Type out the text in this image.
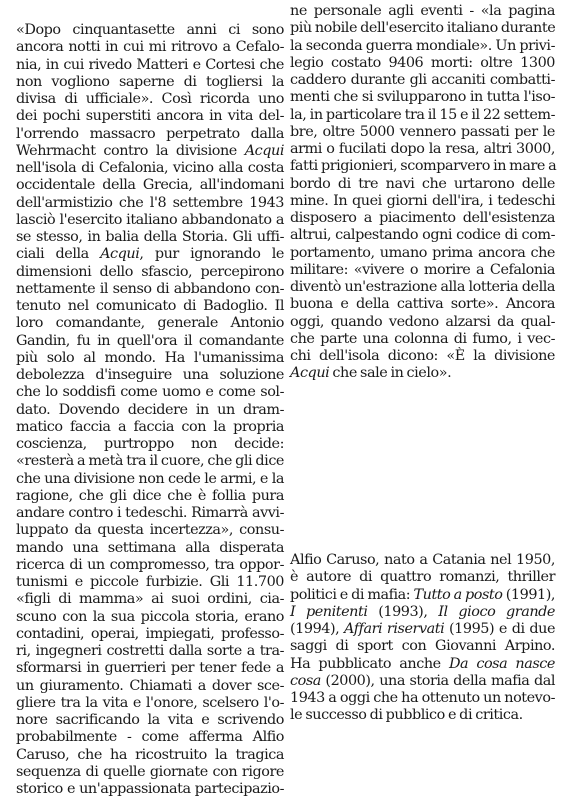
«Dopo cinquantasette anni ci sono
ancora notti in cui mi ritrovo a Cefalo-
nia, in cui rivedo Matteri e Cortesi che
non vogliono saperne di togliersi la
divisa di ufficiale». Così ricorda uno
dei pochi superstiti ancora in vita del-
l'orrendo massacro perpetrato dalla
Wehrmacht contro la divisione Acqui
nell'isola di Cefalonia, vicino alla costa
occidentale della Grecia, all'indomani
dell'armistizio che l'8 settembre 1943
lasciò l'esercito italiano abbandonato a
se stesso, in balia della Storia. Gli uffi-
ciali della Acqui, pur ignorando le
dimensioni dello sfascio, percepirono
nettamente il senso di abbandono con-
tenuto nel comunicato di Badoglio. Il
loro comandante, generale Antonio
Gandin, fu in quell'ora il comandante
più solo al mondo. Ha l'umanissima
debolezza d'inseguire una soluzione
che lo soddisfi come uomo e come sol-
dato. Dovendo decidere in un dram-
matico faccia a faccia con la propria
coscienza, purtroppo non decide:
«resterà a metà tra il cuore, che gli dice
che una divisione non cede le armi, e la
ragione, che gli dice che è follia pura
andare contro i tedeschi. Rimarrà avvi-
luppato da questa incertezza», consu-
mando una settimana alla disperata
ricerca di un compromesso, tra oppor-
tunismi e piccole furbizie. Gli 11.700
«figli di mamma» ai suoi ordini, cia-
scuno con la sua piccola storia, erano
contadini, operai, impiegati, professo-
ri, ingegneri costretti dalla sorte a tra-
sformarsi in guerrieri per tener fede a
un giuramento. Chiamati a dover sce-
gliere tra la vita e l'onore, scelsero l'o-
nore sacrificando la vita e scrivendo
probabilmente - come afferma Alfio
Caruso, che ha ricostruito la tragica
sequenza di quelle giornate con rigore
storico e un'appassionata partecipazio-
ne personale agli eventi - «la pagina
più nobile dell'esercito italiano durante
la seconda guerra mondiale». Un privi-
legio costato 9406 morti: oltre 1300
caddero durante gli accaniti combatti-
menti che si svilupparono in tutta l'iso-
la, in particolare tra il 15 e il 22 settem-
bre, oltre 5000 vennero passati per le
armi o fucilati dopo la resa, altri 3000,
fatti prigionieri, scomparvero in mare a
bordo di tre navi che urtarono delle
mine. In quei giorni dell'ira, i tedeschi
disposero a piacimento dell'esistenza
altrui, calpestando ogni codice di com-
portamento, umano prima ancora che
militare: «vivere o morire a Cefalonia
diventò un'estrazione alla lotteria della
buona e della cattiva sorte». Ancora
oggi, quando vedono alzarsi da qual-
che parte una colonna di fumo, i vec-
chi dell'isola dicono: «È la divisione
Acqui che sale in cielo».
Alfio Caruso, nato a Catania nel 1950,
è autore di quattro romanzi, thriller
politici e di mafia: Tutto a posto (1991),
I penitenti (1993), Il gioco grande
(1994), Affari riservati (1995) e di due
saggi di sport con Giovanni Arpino.
Ha pubblicato anche Da cosa nasce
cosa (2000), una storia della mafia dal
1943 a oggi che ha ottenuto un notevo-
le successo di pubblico e di critica.
